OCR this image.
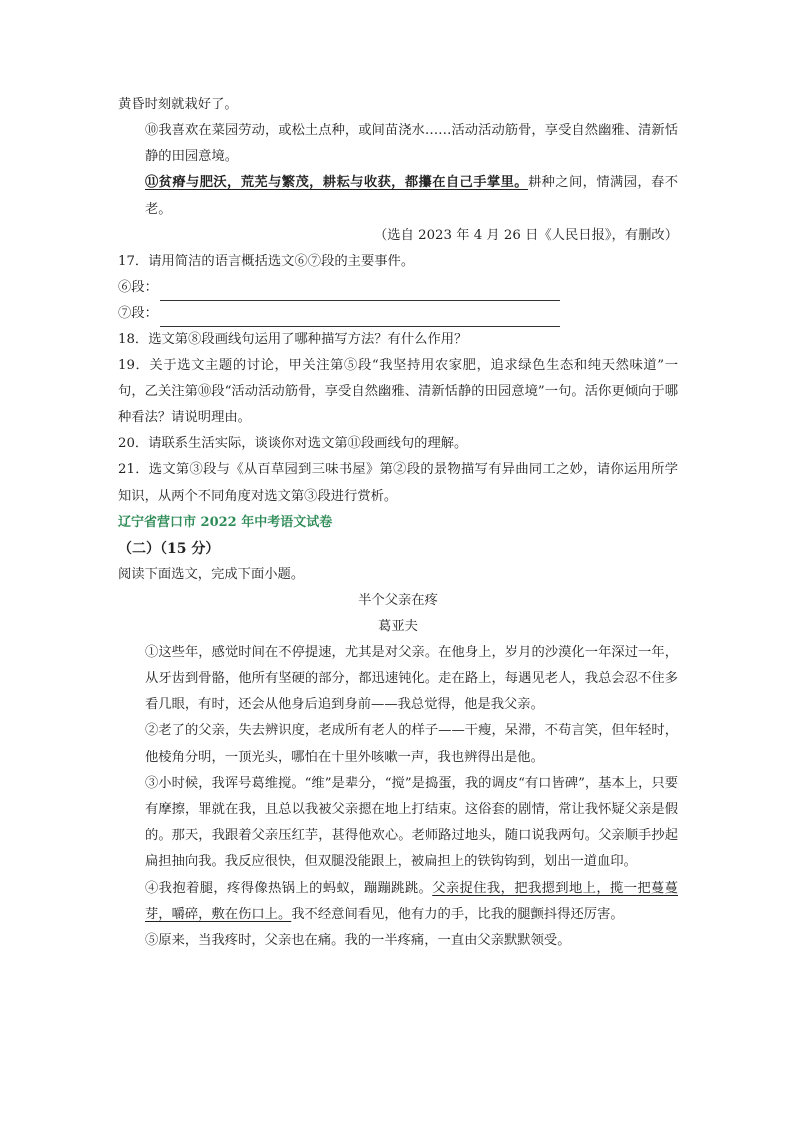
黄昏时刻就栽好了。
⑩我喜欢在菜园劳动，或松土点种，或间苗浇水……活动活动筋骨，享受自然幽雅、清新恬静的田园意境。
⑪贫瘠与肥沃，荒芜与繁茂，耕耘与收获，都攥在自己手掌里。耕种之间，情满园，春不老。
（选自 2023 年 4 月 26 日《人民日报》，有删改）
17．请用简洁的语言概括选文⑥⑦段的主要事件。
⑥段：
⑦段：
18．选文第⑧段画线句运用了哪种描写方法？有什么作用？
19．关于选文主题的讨论，甲关注第⑤段“我坚持用农家肥，追求绿色生态和纯天然味道”一句，乙关注第⑩段“活动活动筋骨，享受自然幽雅、清新恬静的田园意境”一句。活你更倾向于哪种看法？请说明理由。
20．请联系生活实际，谈谈你对选文第⑪段画线句的理解。
21．选文第③段与《从百草园到三味书屋》第②段的景物描写有异曲同工之妙，请你运用所学知识，从两个不同角度对选文第③段进行赏析。
辽宁省营口市 2022 年中考语文试卷
（二）（15 分）
阅读下面选文，完成下面小题。
半个父亲在疼
葛亚夫
①这些年，感觉时间在不停提速，尤其是对父亲。在他身上，岁月的沙漠化一年深过一年，从牙齿到骨骼，他所有坚硬的部分，都迅速钝化。走在路上，每遇见老人，我总会忍不住多看几眼，有时，还会从他身后追到身前——我总觉得，他是我父亲。
②老了的父亲，失去辨识度，老成所有老人的样子——干瘦，呆滞，不苟言笑，但年轻时，他棱角分明，一顶光头，哪怕在十里外咳嗽一声，我也辨得出是他。
③小时候，我诨号葛维搅。“维”是辈分，“搅”是捣蛋，我的调皮“有口皆碑”，基本上，只要有摩擦，罪就在我，且总以我被父亲摁在地上打结束。这俗套的剧情，常让我怀疑父亲是假的。那天，我跟着父亲压红芋，甚得他欢心。老师路过地头，随口说我两句。父亲顺手抄起扁担抽向我。我反应很快，但双腿没能跟上，被扁担上的铁钩钩到，划出一道血印。
④我抱着腿，疼得像热锅上的蚂蚁，蹦蹦跳跳。父亲捉住我，把我摁到地上，揽一把蔓蔓芽，嚼碎，敷在伤口上。我不经意间看见，他有力的手，比我的腿颤抖得还厉害。
⑤原来，当我疼时，父亲也在痛。我的一半疼痛，一直由父亲默默领受。
